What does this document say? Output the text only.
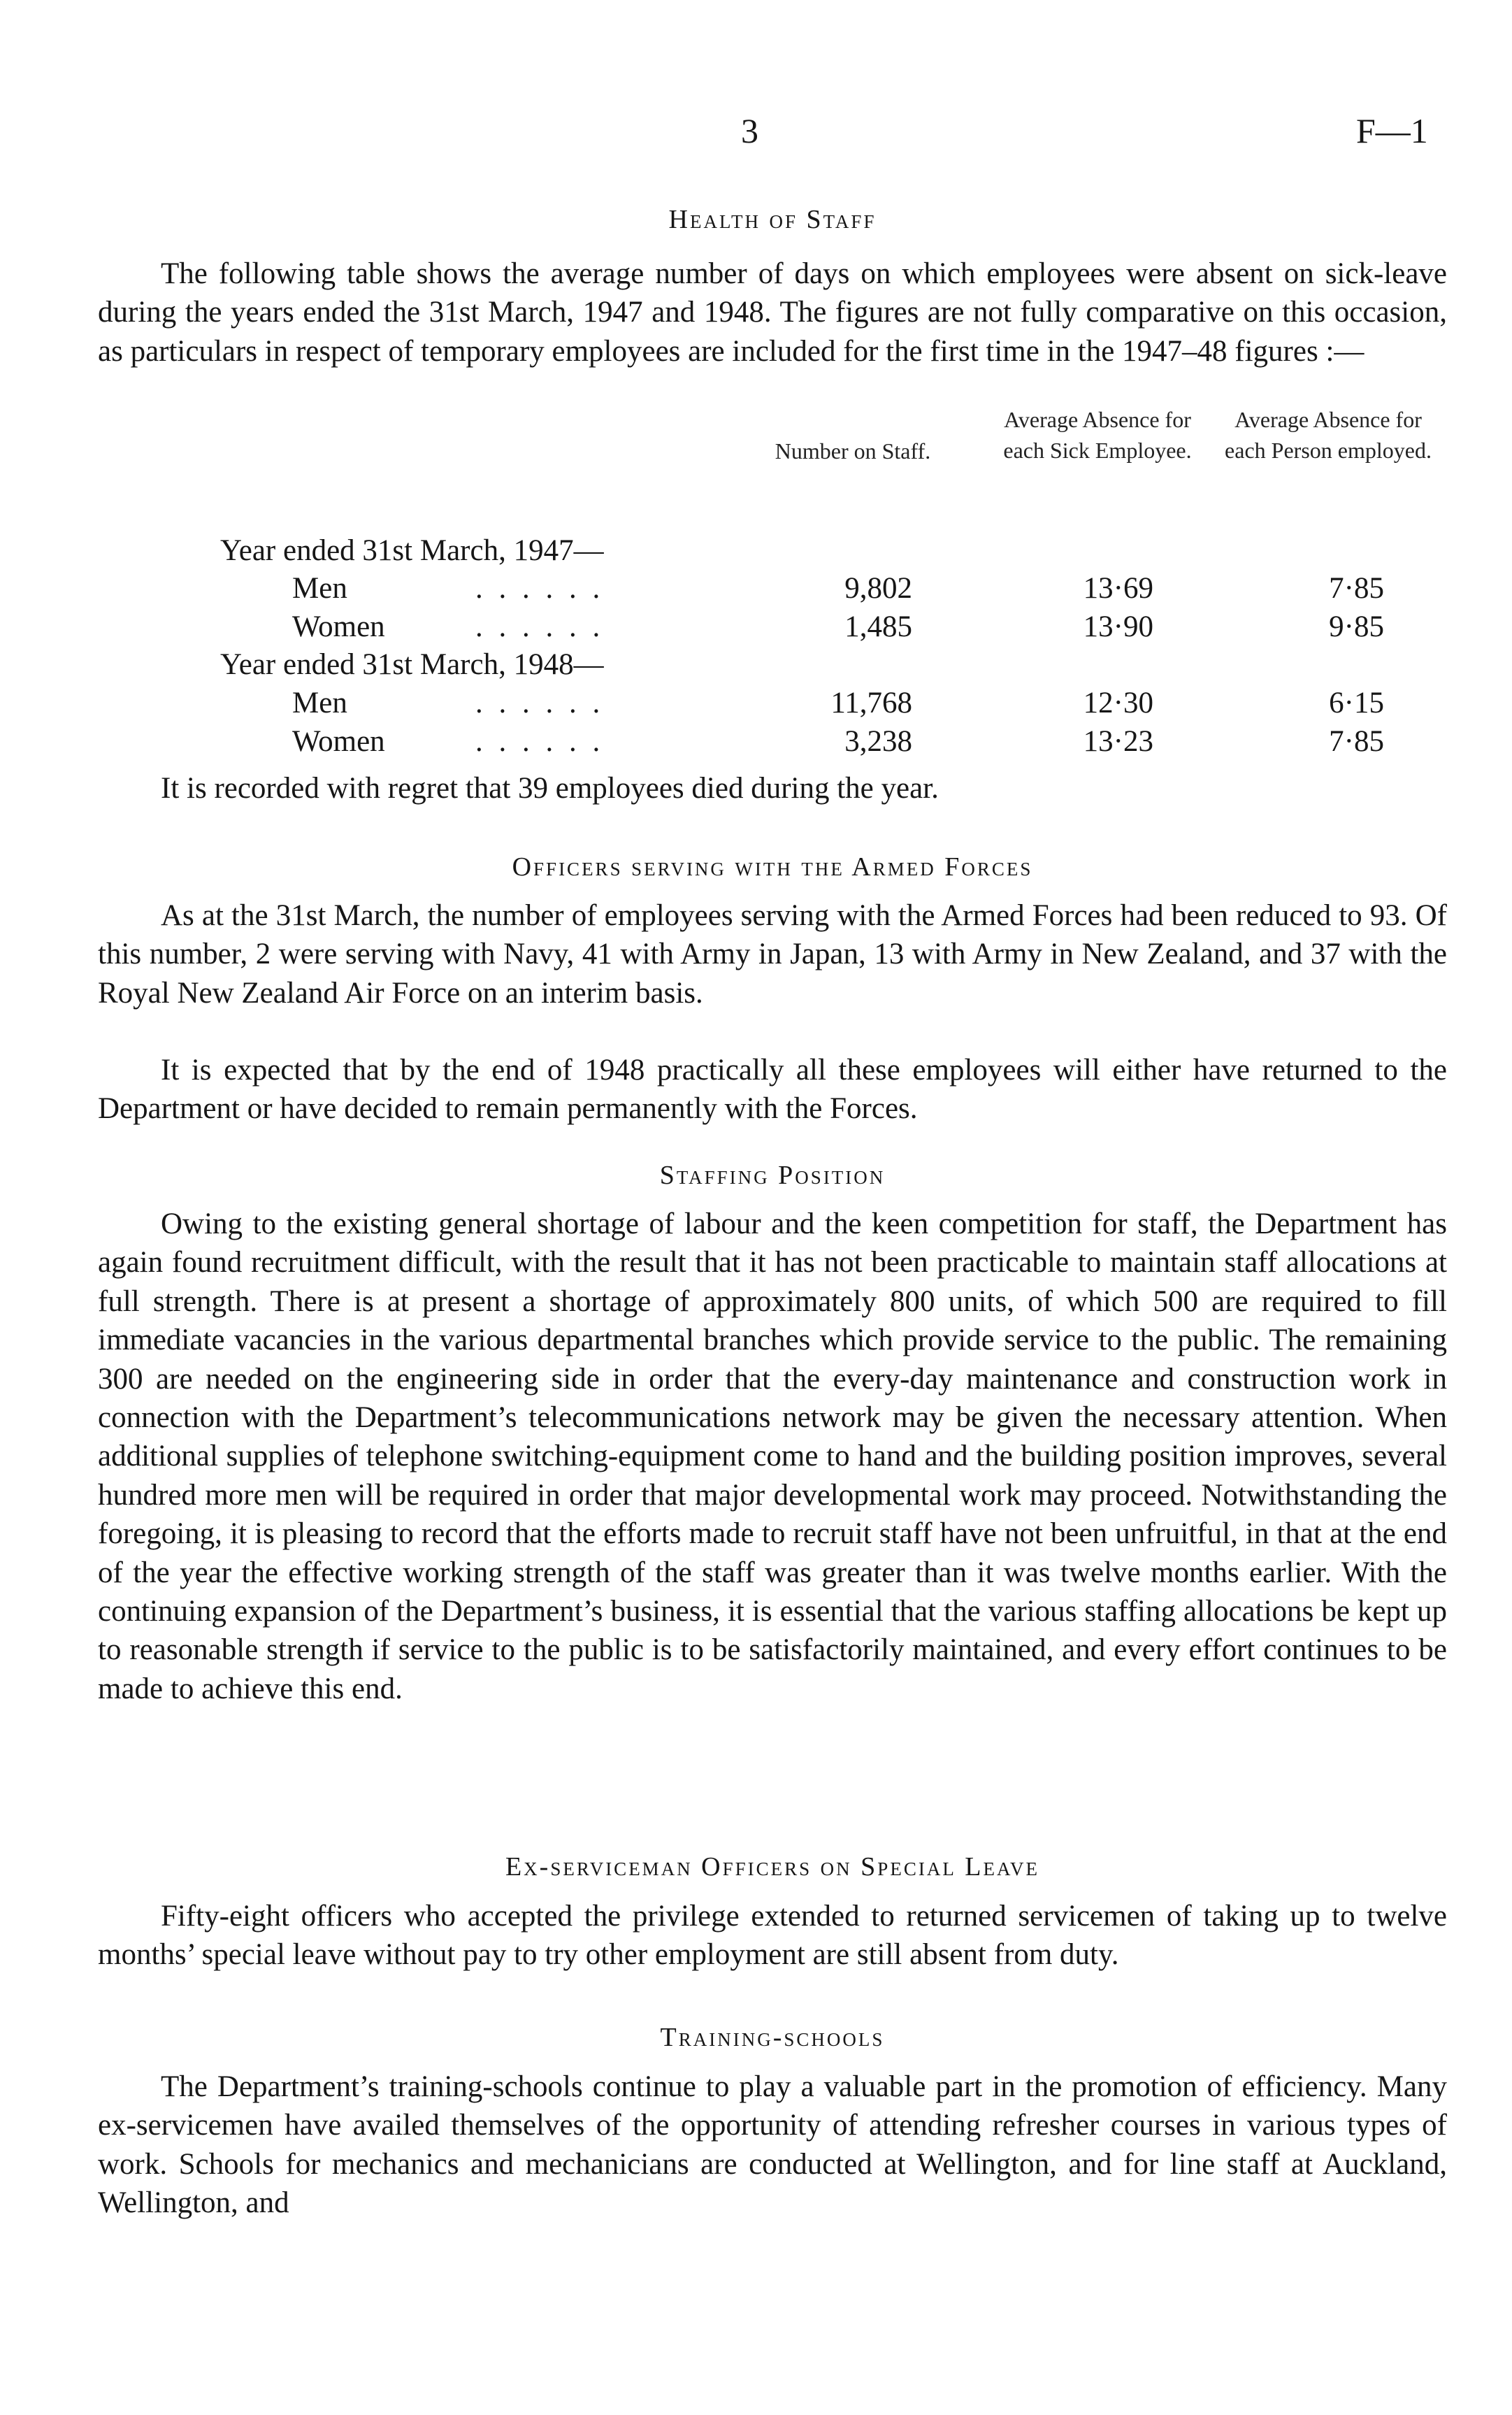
3	F—1
Health of Staff
The following table shows the average number of days on which employees were absent on sick-leave during the years ended the 31st March, 1947 and 1948. The figures are not fully comparative on this occasion, as particulars in respect of temporary employees are included for the first time in the 1947–48 figures :—
Number on Staff.
Average Absence for each Sick Employee.
Average Absence for each Person employed.
Year ended 31st March, 1947—
Men	. . . . . .	9,802	13·69	7·85
Women	. . . . . .	1,485	13·90	9·85
Year ended 31st March, 1948—
Men	. . . . . .	11,768	12·30	6·15
Women	. . . . . .	3,238	13·23	7·85
It is recorded with regret that 39 employees died during the year.
Officers serving with the Armed Forces
As at the 31st March, the number of employees serving with the Armed Forces had been reduced to 93. Of this number, 2 were serving with Navy, 41 with Army in Japan, 13 with Army in New Zealand, and 37 with the Royal New Zealand Air Force on an interim basis.
It is expected that by the end of 1948 practically all these employees will either have returned to the Department or have decided to remain permanently with the Forces.
Staffing Position
Owing to the existing general shortage of labour and the keen competition for staff, the Department has again found recruitment difficult, with the result that it has not been practicable to maintain staff allocations at full strength. There is at present a shortage of approximately 800 units, of which 500 are required to fill immediate vacancies in the various departmental branches which provide service to the public. The remaining 300 are needed on the engineering side in order that the every-day maintenance and construction work in connection with the Department’s telecommunications network may be given the necessary attention. When additional supplies of telephone switching-equipment come to hand and the building position improves, several hundred more men will be required in order that major developmental work may proceed. Notwithstanding the foregoing, it is pleasing to record that the efforts made to recruit staff have not been unfruitful, in that at the end of the year the effective working strength of the staff was greater than it was twelve months earlier. With the continuing expansion of the Department’s business, it is essential that the various staffing allocations be kept up to reasonable strength if service to the public is to be satisfactorily maintained, and every effort continues to be made to achieve this end.
Ex-serviceman Officers on Special Leave
Fifty-eight officers who accepted the privilege extended to returned servicemen of taking up to twelve months’ special leave without pay to try other employment are still absent from duty.
Training-schools
The Department’s training-schools continue to play a valuable part in the promotion of efficiency. Many ex-servicemen have availed themselves of the opportunity of attending refresher courses in various types of work. Schools for mechanics and mechanicians are conducted at Wellington, and for line staff at Auckland, Wellington, and
